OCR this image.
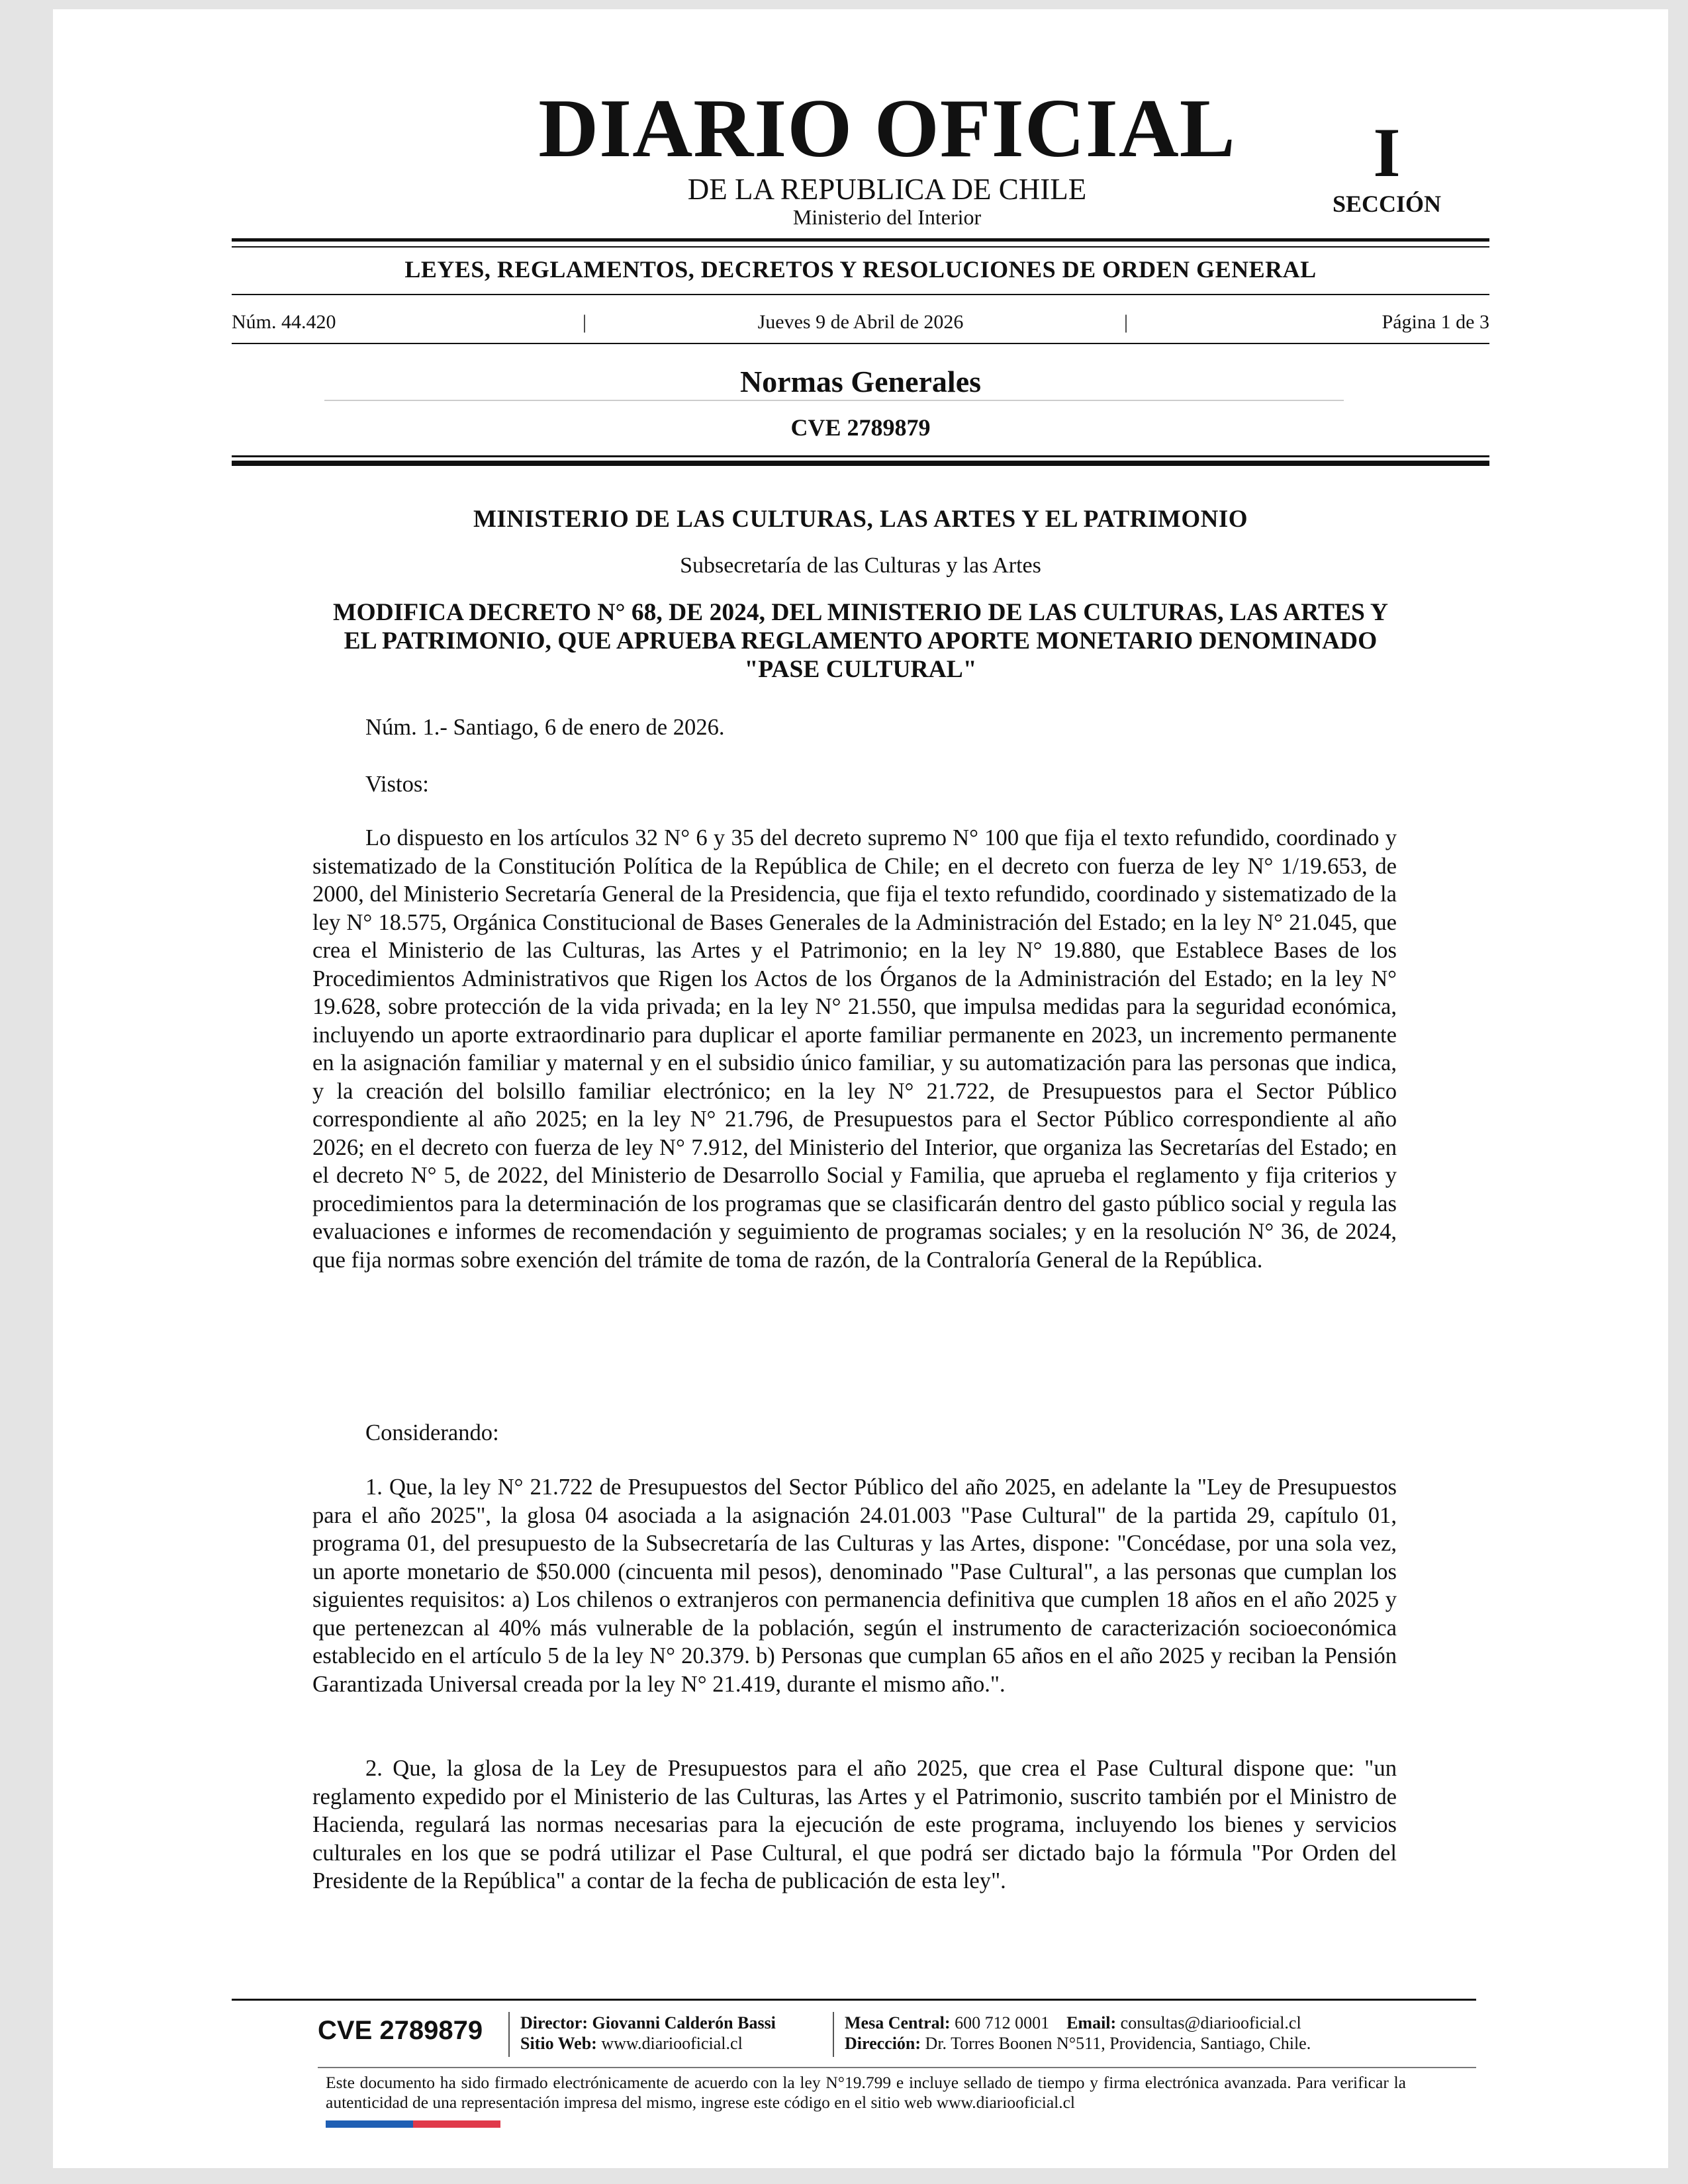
DIARIO OFICIAL
DE LA REPUBLICA DE CHILE
Ministerio del Interior
I
SECCIÓN
LEYES, REGLAMENTOS, DECRETOS Y RESOLUCIONES DE ORDEN GENERAL
Jueves 9 de Abril de 2026
Núm. 44.420	|	|	Página 1 de 3
Normas Generales
CVE 2789879
MINISTERIO DE LAS CULTURAS, LAS ARTES Y EL PATRIMONIO
Subsecretaría de las Culturas y las Artes
MODIFICA DECRETO N° 68, DE 2024, DEL MINISTERIO DE LAS CULTURAS, LAS ARTES Y EL PATRIMONIO, QUE APRUEBA REGLAMENTO APORTE MONETARIO DENOMINADO "PASE CULTURAL"
Núm. 1.- Santiago, 6 de enero de 2026.
Vistos:
Lo dispuesto en los artículos 32 N° 6 y 35 del decreto supremo N° 100 que fija el texto refundido, coordinado y sistematizado de la Constitución Política de la República de Chile; en el decreto con fuerza de ley N° 1/19.653, de 2000, del Ministerio Secretaría General de la Presidencia, que fija el texto refundido, coordinado y sistematizado de la ley N° 18.575, Orgánica Constitucional de Bases Generales de la Administración del Estado; en la ley N° 21.045, que crea el Ministerio de las Culturas, las Artes y el Patrimonio; en la ley N° 19.880, que Establece Bases de los Procedimientos Administrativos que Rigen los Actos de los Órganos de la Administración del Estado; en la ley N° 19.628, sobre protección de la vida privada; en la ley N° 21.550, que impulsa medidas para la seguridad económica, incluyendo un aporte extraordinario para duplicar el aporte familiar permanente en 2023, un incremento permanente en la asignación familiar y maternal y en el subsidio único familiar, y su automatización para las personas que indica, y la creación del bolsillo familiar electrónico; en la ley N° 21.722, de Presupuestos para el Sector Público correspondiente al año 2025; en la ley N° 21.796, de Presupuestos para el Sector Público correspondiente al año 2026; en el decreto con fuerza de ley N° 7.912, del Ministerio del Interior, que organiza las Secretarías del Estado; en el decreto N° 5, de 2022, del Ministerio de Desarrollo Social y Familia, que aprueba el reglamento y fija criterios y procedimientos para la determinación de los programas que se clasificarán dentro del gasto público social y regula las evaluaciones e informes de recomendación y seguimiento de programas sociales; y en la resolución N° 36, de 2024, que fija normas sobre exención del trámite de toma de razón, de la Contraloría General de la República.
Considerando:
1. Que, la ley N° 21.722 de Presupuestos del Sector Público del año 2025, en adelante la "Ley de Presupuestos para el año 2025", la glosa 04 asociada a la asignación 24.01.003 "Pase Cultural" de la partida 29, capítulo 01, programa 01, del presupuesto de la Subsecretaría de las Culturas y las Artes, dispone: "Concédase, por una sola vez, un aporte monetario de $50.000 (cincuenta mil pesos), denominado "Pase Cultural", a las personas que cumplan los siguientes requisitos: a) Los chilenos o extranjeros con permanencia definitiva que cumplen 18 años en el año 2025 y que pertenezcan al 40% más vulnerable de la población, según el instrumento de caracterización socioeconómica establecido en el artículo 5 de la ley N° 20.379. b) Personas que cumplan 65 años en el año 2025 y reciban la Pensión Garantizada Universal creada por la ley N° 21.419, durante el mismo año.".
2. Que, la glosa de la Ley de Presupuestos para el año 2025, que crea el Pase Cultural dispone que: "un reglamento expedido por el Ministerio de las Culturas, las Artes y el Patrimonio, suscrito también por el Ministro de Hacienda, regulará las normas necesarias para la ejecución de este programa, incluyendo los bienes y servicios culturales en los que se podrá utilizar el Pase Cultural, el que podrá ser dictado bajo la fórmula "Por Orden del Presidente de la República" a contar de la fecha de publicación de esta ley".
CVE 2789879 Director: Giovanni Calderón Bassi
Sitio Web: www.diariooficial.cl
Mesa Central: 600 712 0001 Email: consultas@diariooficial.cl
Dirección: Dr. Torres Boonen N°511, Providencia, Santiago, Chile.
Este documento ha sido firmado electrónicamente de acuerdo con la ley N°19.799 e incluye sellado de tiempo y firma electrónica avanzada. Para verificar la autenticidad de una representación impresa del mismo, ingrese este código en el sitio web www.diariooficial.cl
